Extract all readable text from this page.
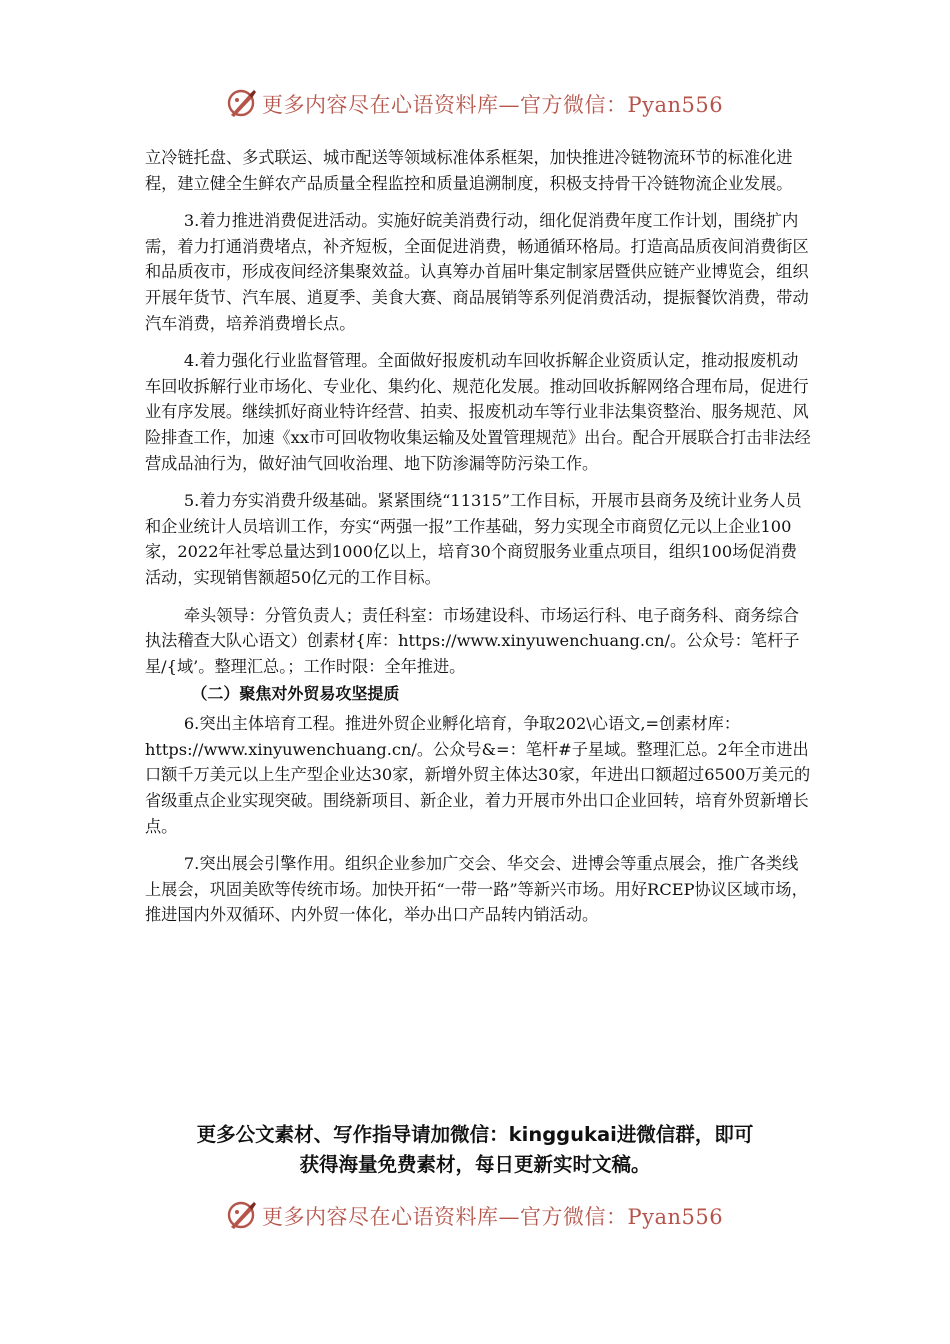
更多内容尽在心语资料库—官方微信：Pyan556

立冷链托盘、多式联运、城市配送等领域标准体系框架，加快推进冷链物流环节的标准化进程，建立健全生鲜农产品质量全程监控和质量追溯制度，积极支持骨干冷链物流企业发展。

3.着力推进消费促进活动。实施好皖美消费行动，细化促消费年度工作计划，围绕扩内需，着力打通消费堵点，补齐短板，全面促进消费，畅通循环格局。打造高品质夜间消费街区和品质夜市，形成夜间经济集聚效益。认真筹办首届叶集定制家居暨供应链产业博览会，组织开展年货节、汽车展、逍夏季、美食大赛、商品展销等系列促消费活动，提振餐饮消费，带动汽车消费，培养消费增长点。

4.着力强化行业监督管理。全面做好报废机动车回收拆解企业资质认定，推动报废机动车回收拆解行业市场化、专业化、集约化、规范化发展。推动回收拆解网络合理布局，促进行业有序发展。继续抓好商业特许经营、拍卖、报废机动车等行业非法集资整治、服务规范、风险排查工作，加速《xx市可回收物收集运输及处置管理规范》出台。配合开展联合打击非法经营成品油行为，做好油气回收治理、地下防渗漏等防污染工作。

5.着力夯实消费升级基础。紧紧围绕“11315”工作目标，开展市县商务及统计业务人员和企业统计人员培训工作，夯实“两强一报”工作基础，努力实现全市商贸亿元以上企业100家，2022年社零总量达到1000亿以上，培育30个商贸服务业重点项目，组织100场促消费活动，实现销售额超50亿元的工作目标。

牵头领导：分管负责人；责任科室：市场建设科、市场运行科、电子商务科、商务综合执法稽查大队心语文）创素材{库：https://www.xinyuwenchuang.cn/。公众号：笔杆子星/{域’。整理汇总。；工作时限：全年推进。

（二）聚焦对外贸易攻坚提质

6.突出主体培育工程。推进外贸企业孵化培育，争取202\心语文,=创素材库：https://www.xinyuwenchuang.cn/。公众号&=：笔杆#子星域。整理汇总。2年全市进出口额千万美元以上生产型企业达30家，新增外贸主体达30家，年进出口额超过6500万美元的省级重点企业实现突破。围绕新项目、新企业，着力开展市外出口企业回转，培育外贸新增长点。

7.突出展会引擎作用。组织企业参加广交会、华交会、进博会等重点展会，推广各类线上展会，巩固美欧等传统市场。加快开拓“一带一路”等新兴市场。用好RCEP协议区域市场，推进国内外双循环、内外贸一体化，举办出口产品转内销活动。

更多公文素材、写作指导请加微信：kinggukai进微信群，即可

获得海量免费素材，每日更新实时文稿。

更多内容尽在心语资料库—官方微信：Pyan556
